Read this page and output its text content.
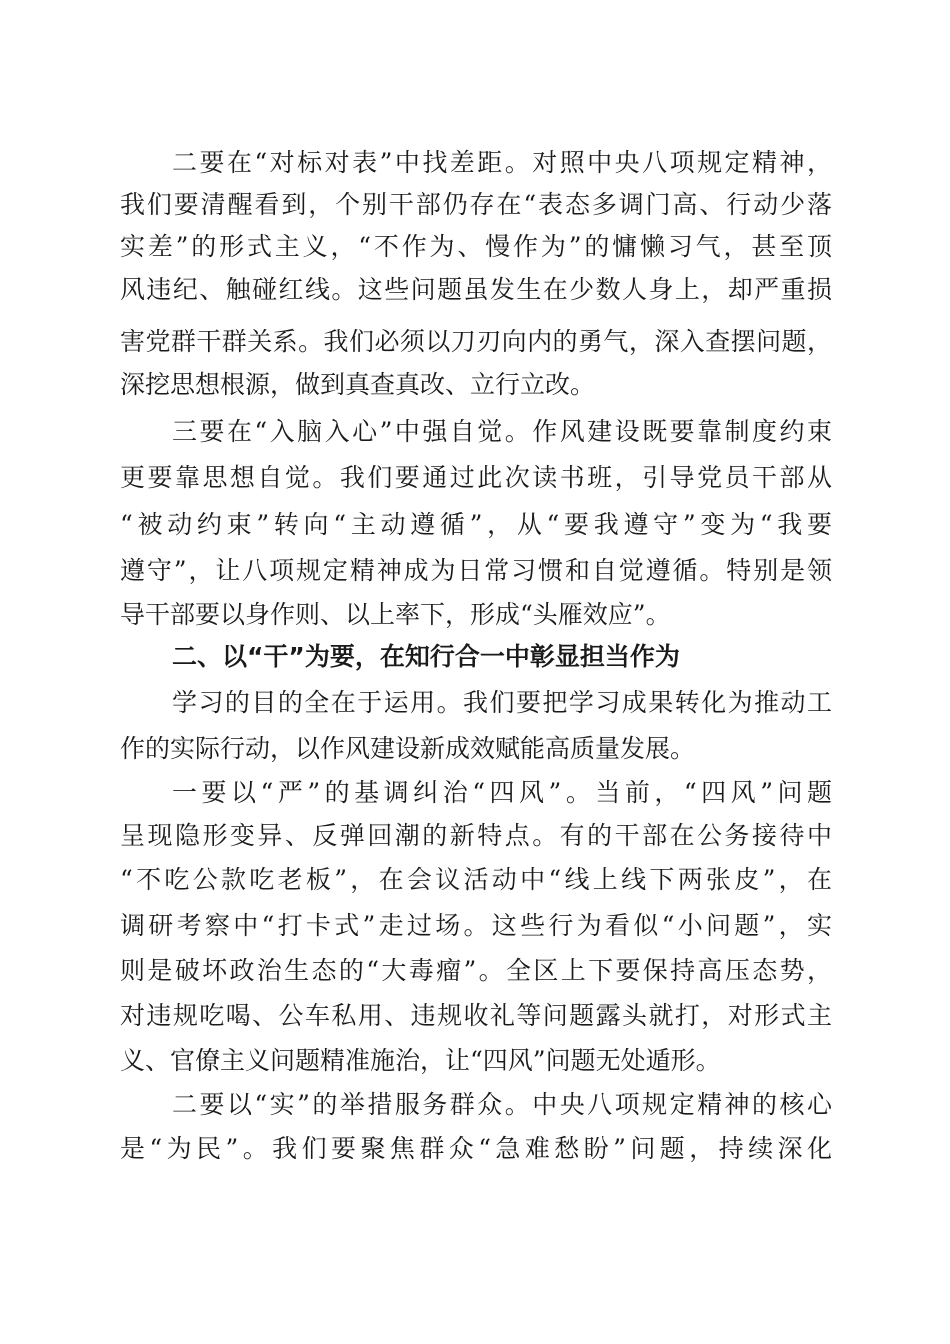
二要在“对标对表”中找差距。对照中央八项规定精神，
我们要清醒看到，个别干部仍存在“表态多调门高、行动少落
实差”的形式主义，“不作为、慢作为”的慵懒习气，甚至顶
风违纪、触碰红线。这些问题虽发生在少数人身上，却严重损
害党群干群关系。我们必须以刀刃向内的勇气，深入查摆问题，
深挖思想根源，做到真查真改、立行立改。
三要在“入脑入心”中强自觉。作风建设既要靠制度约束
更要靠思想自觉。我们要通过此次读书班，引导党员干部从
“被动约束”转向“主动遵循”，从“要我遵守”变为“我要
遵守”，让八项规定精神成为日常习惯和自觉遵循。特别是领
导干部要以身作则、以上率下，形成“头雁效应”。
二、以“干”为要，在知行合一中彰显担当作为
学习的目的全在于运用。我们要把学习成果转化为推动工
作的实际行动，以作风建设新成效赋能高质量发展。
一要以“严”的基调纠治“四风”。当前，“四风”问题
呈现隐形变异、反弹回潮的新特点。有的干部在公务接待中
“不吃公款吃老板”，在会议活动中“线上线下两张皮”，在
调研考察中“打卡式”走过场。这些行为看似“小问题”，实
则是破坏政治生态的“大毒瘤”。全区上下要保持高压态势，
对违规吃喝、公车私用、违规收礼等问题露头就打，对形式主
义、官僚主义问题精准施治，让“四风”问题无处遁形。
二要以“实”的举措服务群众。中央八项规定精神的核心
是“为民”。我们要聚焦群众“急难愁盼”问题，持续深化
